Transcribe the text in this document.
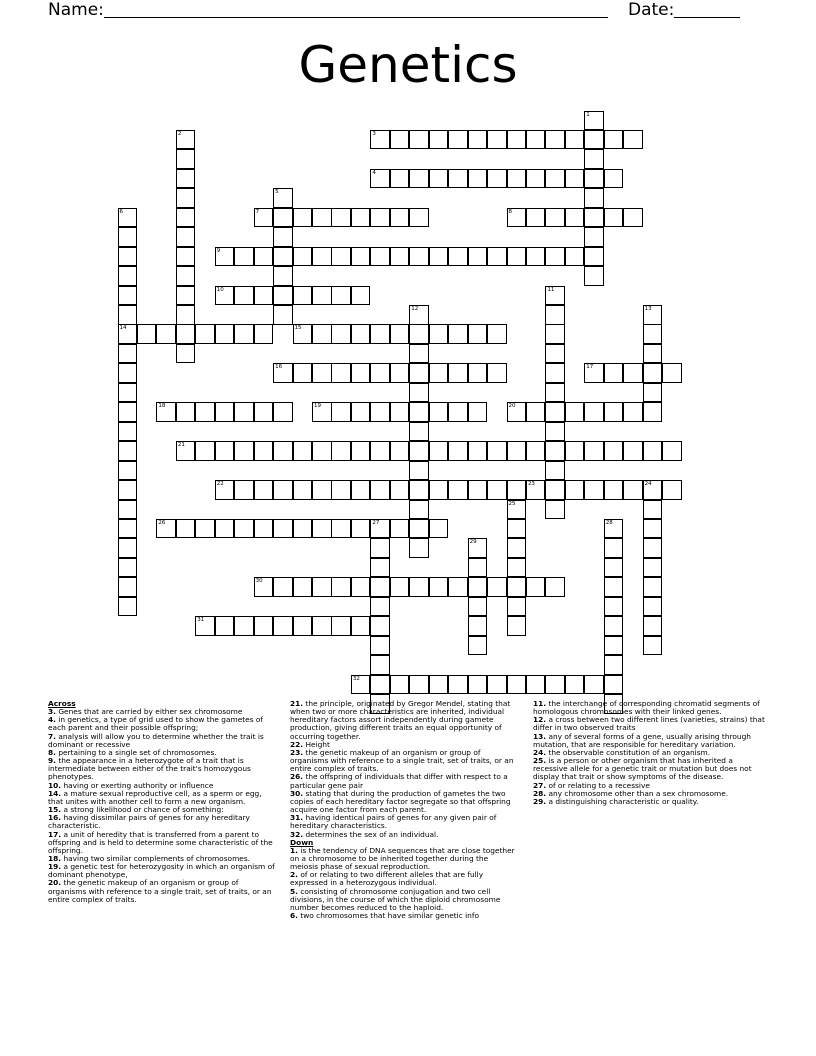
Name:	Date:
Genetics
1
2	3
4
5
6
14
7	8
9
10	11
12	13
15
16	17
18	19	20
21
22	23	24
25
26	27	28
29
30
31
32

Across

3. Genes that are carried by either sex chromosome

4. in genetics, a type of grid used to show the gametes of each parent and their possible offspring;

7. analysis will allow you to determine whether the trait is dominant or recessive

8. pertaining to a single set of chromosomes.

9. the appearance in a heterozygote of a trait that is intermediate between either of the trait's homozygous phenotypes.

10. having or exerting authority or influence

14. a mature sexual reproductive cell, as a sperm or egg, that unites with another cell to form a new organism.

15. a strong likelihood or chance of something:

16. having dissimilar pairs of genes for any hereditary characteristic.

17. a unit of heredity that is transferred from a parent to offspring and is held to determine some characteristic of the offspring.

18. having two similar complements of chromosomes.

19. a genetic test for heterozygosity in which an organism of dominant phenotype,

20. the genetic makeup of an organism or group of organisms with reference to a single trait, set of traits, or an entire complex of traits.

21. the principle, originated by Gregor Mendel, stating that when two or more characteristics are inherited, individual hereditary factors assort independently during gamete production, giving different traits an equal opportunity of occurring together.

22. Height

23. the genetic makeup of an organism or group of organisms with reference to a single trait, set of traits, or an entire complex of traits.

26. the offspring of individuals that differ with respect to a particular gene pair

30. stating that during the production of gametes the two copies of each hereditary factor segregate so that offspring acquire one factor from each parent.

31. having identical pairs of genes for any given pair of hereditary characteristics.

32. determines the sex of an individual.

Down

1. is the tendency of DNA sequences that are close together on a chromosome to be inherited together during the meiosis phase of sexual reproduction.

2. of or relating to two different alleles that are fully expressed in a heterozygous individual.

5. consisting of chromosome conjugation and two cell divisions, in the course of which the diploid chromosome number becomes reduced to the haploid.

6. two chromosomes that have similar genetic info

11. the interchange of corresponding chromatid segments of homologous chromosomes with their linked genes.

12. a cross between two different lines (varieties, strains) that differ in two observed traits

13. any of several forms of a gene, usually arising through mutation, that are responsible for hereditary variation.

24. the observable constitution of an organism.

25. is a person or other organism that has inherited a recessive allele for a genetic trait or mutation but does not display that trait or show symptoms of the disease.

27. of or relating to a recessive

28. any chromosome other than a sex chromosome.

29. a distinguishing characteristic or quality.
